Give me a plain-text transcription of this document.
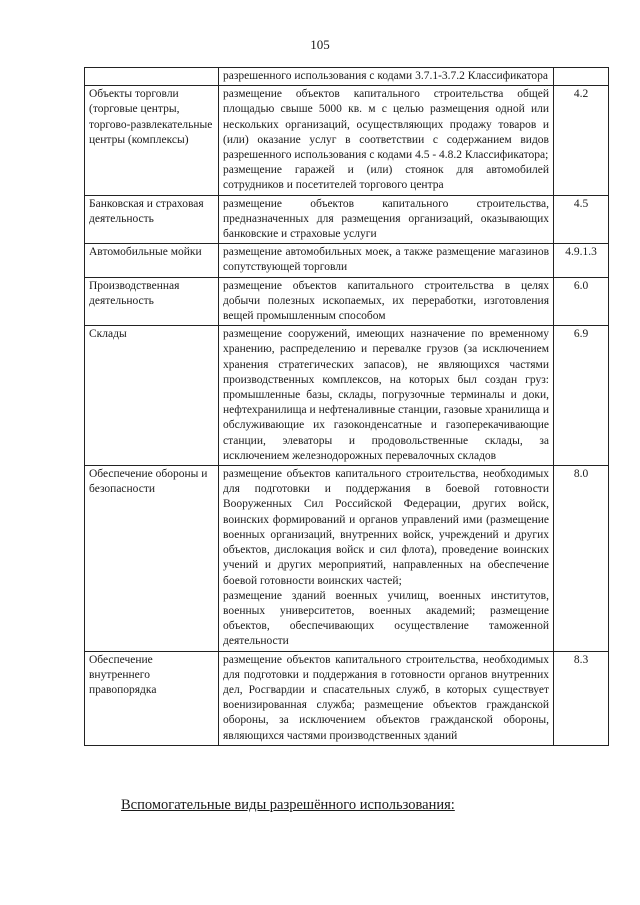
105

	разрешенного использования с кодами 3.7.1-3.7.2 Классификатора	

Объекты торговли (торговые центры, торгово-развлекательные центры (комплексы)	размещение объектов капитального строительства общей площадью свыше 5000 кв. м с целью размещения одной или нескольких организаций, осуществляющих продажу товаров и (или) оказание услуг в соответствии с содержанием видов разрешенного использования с кодами 4.5 - 4.8.2 Классификатора;
размещение гаражей и (или) стоянок для автомобилей сотрудников и посетителей торгового центра	4.2
Банковская и страховая деятельность	размещение объектов капитального строительства, предназначенных для размещения организаций, оказывающих банковские и страховые услуги	4.5
Автомобильные мойки	размещение автомобильных моек, а также размещение магазинов сопутствующей торговли	4.9.1.3
Производственная деятельность	размещение объектов капитального строительства в целях добычи полезных ископаемых, их переработки, изготовления вещей промышленным способом	6.0
Склады	размещение сооружений, имеющих назначение по временному хранению, распределению и перевалке грузов (за исключением хранения стратегических запасов), не являющихся частями производственных комплексов, на которых был создан груз: промышленные базы, склады, погрузочные терминалы и доки, нефтехранилища и нефтеналивные станции, газовые хранилища и обслуживающие их газоконденсатные и газоперекачивающие станции, элеваторы и продовольственные склады, за исключением железнодорожных перевалочных складов	6.9
Обеспечение обороны и безопасности	размещение объектов капитального строительства, необходимых для подготовки и поддержания в боевой готовности Вооруженных Сил Российской Федерации, других войск, воинских формирований и органов управлений ими (размещение военных организаций, внутренних войск, учреждений и других объектов, дислокация войск и сил флота), проведение воинских учений и других мероприятий, направленных на обеспечение боевой готовности воинских частей;
размещение зданий военных училищ, военных институтов, военных университетов, военных академий; размещение объектов, обеспечивающих осуществление таможенной деятельности	8.0
Обеспечение внутреннего правопорядка	размещение объектов капитального строительства, необходимых для подготовки и поддержания в готовности органов внутренних дел, Росгвардии и спасательных служб, в которых существует военизированная служба; размещение объектов гражданской обороны, за исключением объектов гражданской обороны, являющихся частями производственных зданий	8.3
Вспомогательные виды разрешённого использования:
